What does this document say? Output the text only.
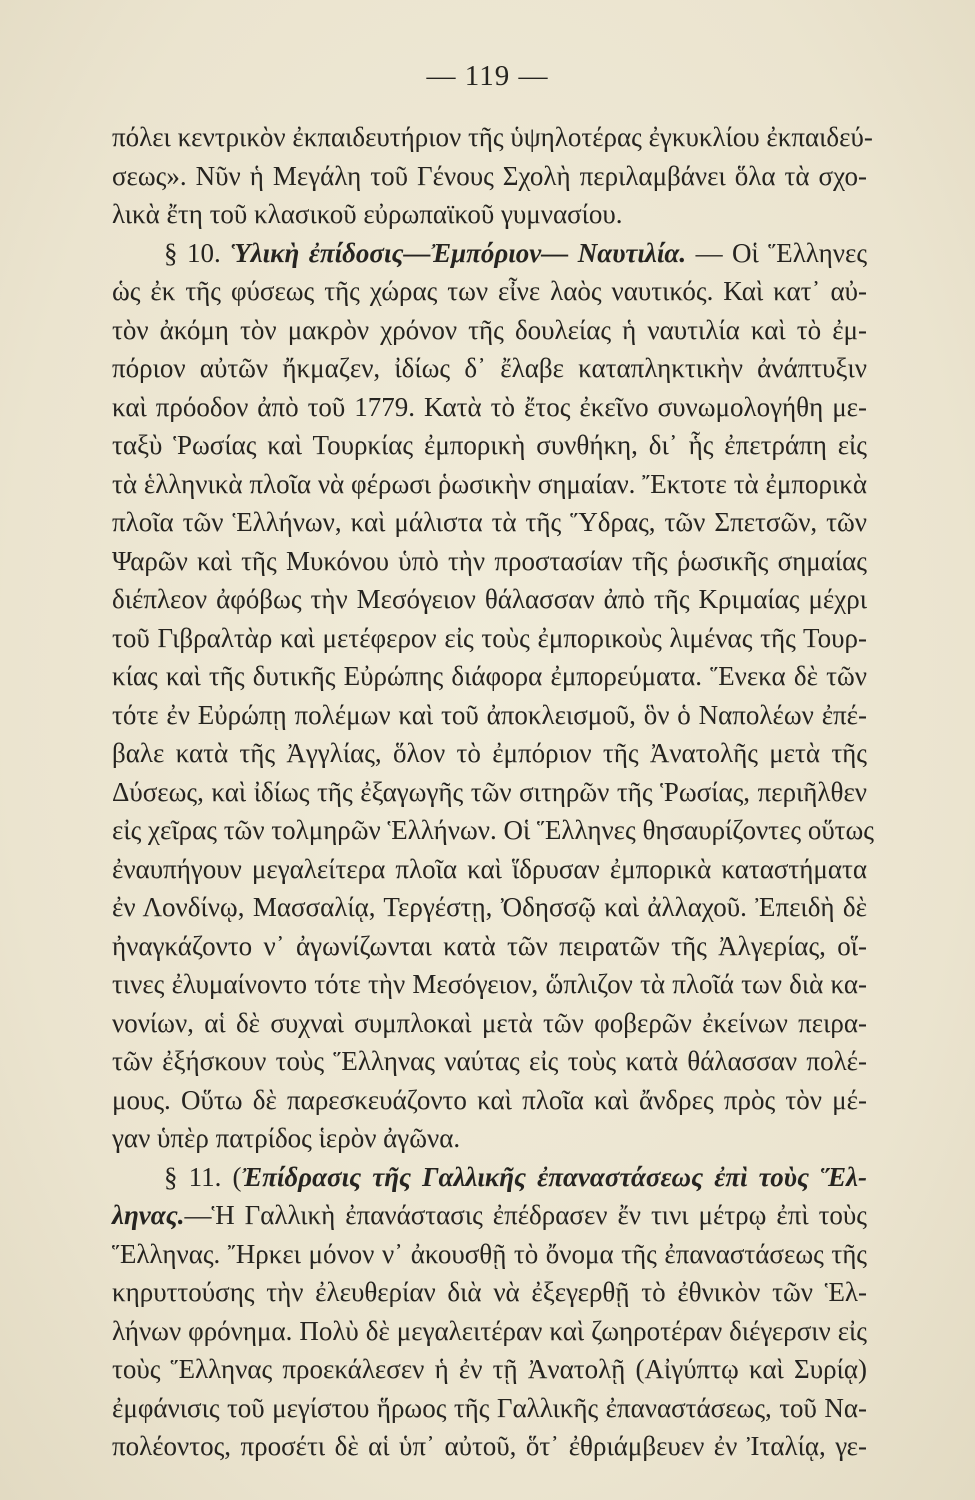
— 119 —
πόλει κεντρικὸν ἐκπαιδευτήριον τῆς ὑψηλοτέρας ἐγκυκλίου ἐκπαιδεύ-
σεως». Νῦν ἡ Μεγάλη τοῦ Γένους Σχολὴ περιλαμβάνει ὅλα τὰ σχο-
λικὰ ἔτη τοῦ κλασικοῦ εὐρωπαϊκοῦ γυμνασίου.
§ 10. Ὑλικὴ ἐπίδοσις—Ἐμπόριον— Ναυτιλία. — Οἱ Ἕλληνες
ὡς ἐκ τῆς φύσεως τῆς χώρας των εἶνε λαὸς ναυτικός. Καὶ κατ᾽ αὐ-
τὸν ἀκόμη τὸν μακρὸν χρόνον τῆς δουλείας ἡ ναυτιλία καὶ τὸ ἐμ-
πόριον αὐτῶν ἤκμαζεν, ἰδίως δ᾽ ἔλαβε καταπληκτικὴν ἀνάπτυξιν
καὶ πρόοδον ἀπὸ τοῦ 1779. Κατὰ τὸ ἔτος ἐκεῖνο συνωμολογήθη με-
ταξὺ Ῥωσίας καὶ Τουρκίας ἐμπορικὴ συνθήκη, δι᾽ ἧς ἐπετράπη εἰς
τὰ ἑλληνικὰ πλοῖα νὰ φέρωσι ῥωσικὴν σημαίαν. Ἔκτοτε τὰ ἐμπορικὰ
πλοῖα τῶν Ἑλλήνων, καὶ μάλιστα τὰ τῆς Ὕδρας, τῶν Σπετσῶν, τῶν
Ψαρῶν καὶ τῆς Μυκόνου ὑπὸ τὴν προστασίαν τῆς ῥωσικῆς σημαίας
διέπλεον ἀφόβως τὴν Μεσόγειον θάλασσαν ἀπὸ τῆς Κριμαίας μέχρι
τοῦ Γιβραλτὰρ καὶ μετέφερον εἰς τοὺς ἐμπορικοὺς λιμένας τῆς Τουρ-
κίας καὶ τῆς δυτικῆς Εὐρώπης διάφορα ἐμπορεύματα. Ἕνεκα δὲ τῶν
τότε ἐν Εὐρώπῃ πολέμων καὶ τοῦ ἀποκλεισμοῦ, ὃν ὁ Ναπολέων ἐπέ-
βαλε κατὰ τῆς Ἀγγλίας, ὅλον τὸ ἐμπόριον τῆς Ἀνατολῆς μετὰ τῆς
Δύσεως, καὶ ἰδίως τῆς ἐξαγωγῆς τῶν σιτηρῶν τῆς Ῥωσίας, περιῆλθεν
εἰς χεῖρας τῶν τολμηρῶν Ἑλλήνων. Οἱ Ἕλληνες θησαυρίζοντες οὕτως
ἐναυπήγουν μεγαλείτερα πλοῖα καὶ ἵδρυσαν ἐμπορικὰ καταστήματα
ἐν Λονδίνῳ, Μασσαλίᾳ, Τεργέστῃ, Ὀδησσῷ καὶ ἀλλαχοῦ. Ἐπειδὴ δὲ
ἠναγκάζοντο ν᾽ ἀγωνίζωνται κατὰ τῶν πειρατῶν τῆς Ἀλγερίας, οἵ-
τινες ἐλυμαίνοντο τότε τὴν Μεσόγειον, ὥπλιζον τὰ πλοῖά των διὰ κα-
νονίων, αἱ δὲ συχναὶ συμπλοκαὶ μετὰ τῶν φοβερῶν ἐκείνων πειρα-
τῶν ἐξήσκουν τοὺς Ἕλληνας ναύτας εἰς τοὺς κατὰ θάλασσαν πολέ-
μους. Οὕτω δὲ παρεσκευάζοντο καὶ πλοῖα καὶ ἄνδρες πρὸς τὸν μέ-
γαν ὑπὲρ πατρίδος ἱερὸν ἀγῶνα.
§ 11. (Ἐπίδρασις τῆς Γαλλικῆς ἐπαναστάσεως ἐπὶ τοὺς Ἕλ-
ληνας.—Ἡ Γαλλικὴ ἐπανάστασις ἐπέδρασεν ἔν τινι μέτρῳ ἐπὶ τοὺς
Ἕλληνας. Ἤρκει μόνον ν᾽ ἀκουσθῇ τὸ ὄνομα τῆς ἐπαναστάσεως τῆς
κηρυττούσης τὴν ἐλευθερίαν διὰ νὰ ἐξεγερθῇ τὸ ἐθνικὸν τῶν Ἑλ-
λήνων φρόνημα. Πολὺ δὲ μεγαλειτέραν καὶ ζωηροτέραν διέγερσιν εἰς
τοὺς Ἕλληνας προεκάλεσεν ἡ ἐν τῇ Ἀνατολῇ (Αἰγύπτῳ καὶ Συρίᾳ)
ἐμφάνισις τοῦ μεγίστου ἥρωος τῆς Γαλλικῆς ἐπαναστάσεως, τοῦ Να-
πολέοντος, προσέτι δὲ αἱ ὑπ᾽ αὐτοῦ, ὅτ᾽ ἐθριάμβευεν ἐν Ἰταλίᾳ, γε-
